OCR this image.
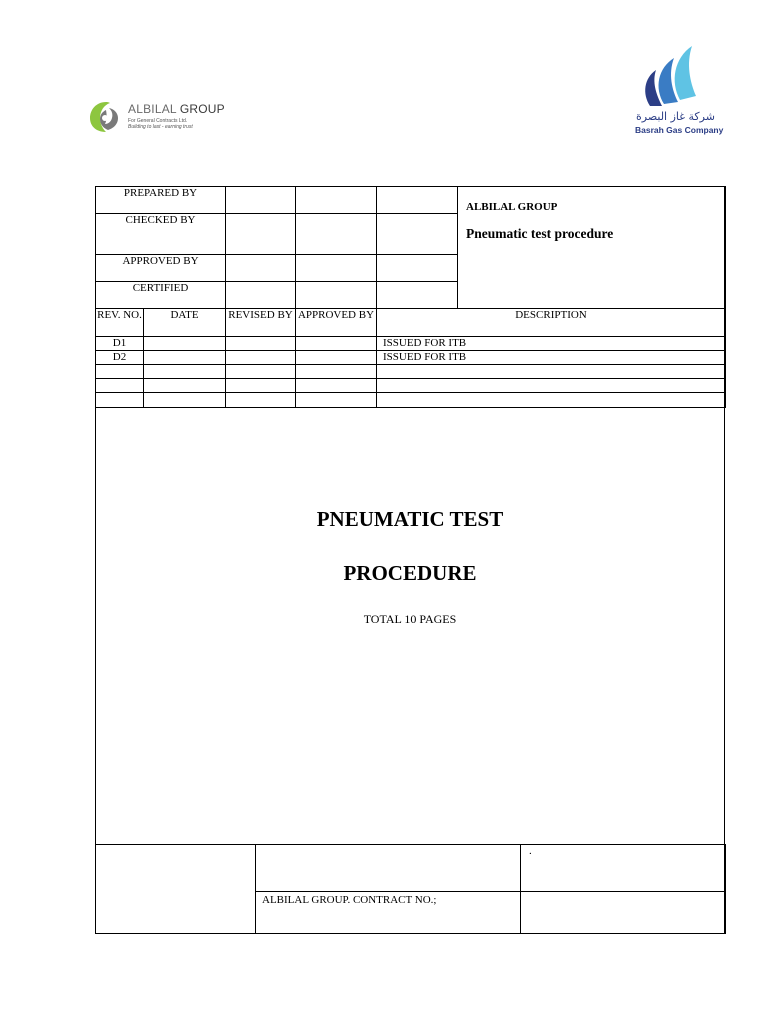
ALBILAL GROUP
For General Contracts Ltd.
Building to last - earning trust
شركة غاز البصرة
Basrah Gas Company
PREPARED BY				ALBILAL GROUP
Pneumatic test procedure

CHECKED BY				
APPROVED BY				
CERTIFIED				
REV. NO.	DATE	REVISED BY	APPROVED BY	DESCRIPTION
D1				ISSUED FOR ITB
D2				ISSUED FOR ITB

PNEUMATIC TEST
PROCEDURE
TOTAL 10 PAGES
		.
	ALBILAL GROUP. CONTRACT NO.;	
